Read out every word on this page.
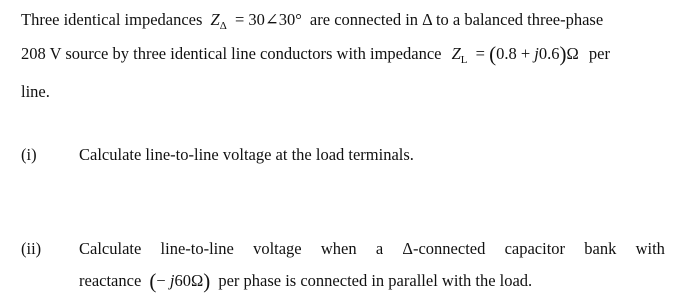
Three identical impedances $Z_\Delta$ = 30∠30° are connected in Δ to a balanced three-phase
208 V source by three identical line conductors with impedance $Z_L = (0.8 + j0.6)\Omega$ per
line.
(i)	Calculate line-to-line voltage at the load terminals.
(ii) Calculate line-to-line voltage when a Δ-connected capacitor bank with
reactance (− j60Ω) per phase is connected in parallel with the load.
